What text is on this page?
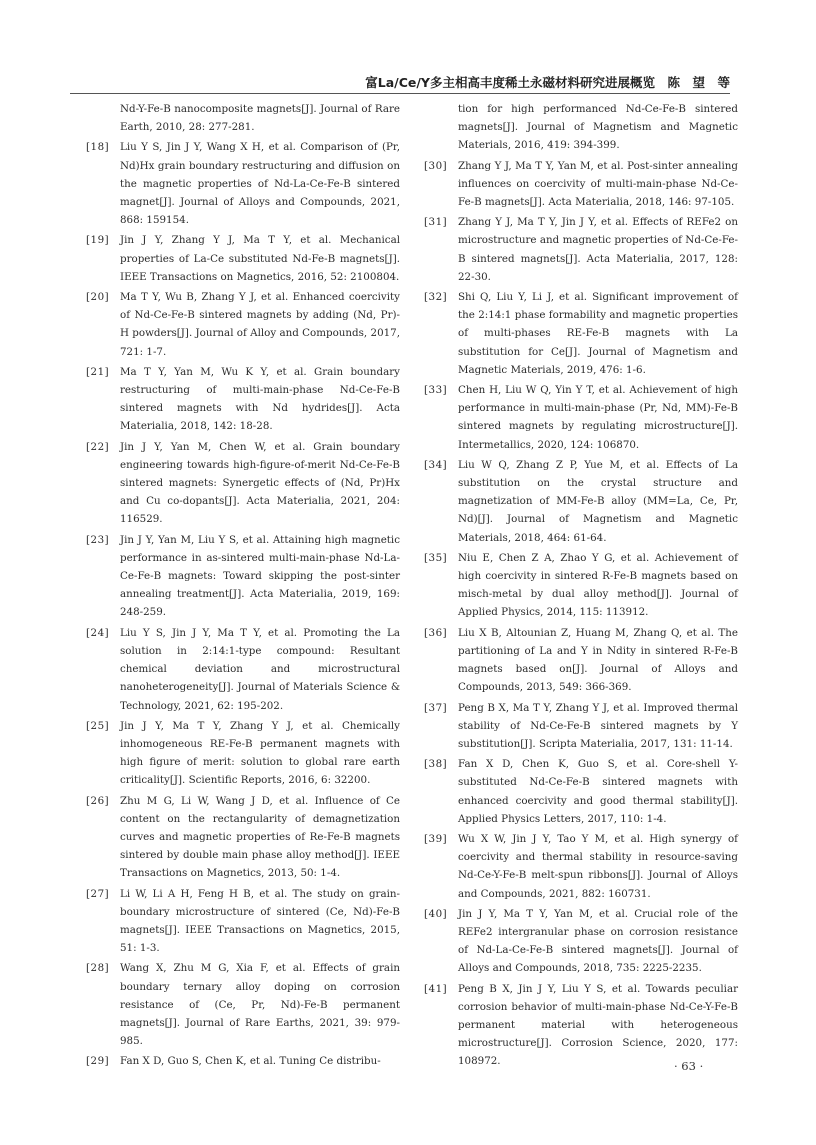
富La/Ce/Y多主相高丰度稀土永磁材料研究进展概览　陈　望　等
Nd-Y-Fe-B nanocomposite magnets[J]. Journal of Rare Earth, 2010, 28: 277-281.
[18] Liu Y S, Jin J Y, Wang X H, et al. Comparison of (Pr, Nd)Hx grain boundary restructuring and diffusion on the magnetic properties of Nd-La-Ce-Fe-B sintered magnet[J]. Journal of Alloys and Compounds, 2021, 868: 159154.
[19] Jin J Y, Zhang Y J, Ma T Y, et al. Mechanical properties of La-Ce substituted Nd-Fe-B magnets[J]. IEEE Transactions on Magnetics, 2016, 52: 2100804.
[20] Ma T Y, Wu B, Zhang Y J, et al. Enhanced coercivity of Nd-Ce-Fe-B sintered magnets by adding (Nd, Pr)-H powders[J]. Journal of Alloy and Compounds, 2017, 721: 1-7.
[21] Ma T Y, Yan M, Wu K Y, et al. Grain boundary restructuring of multi-main-phase Nd-Ce-Fe-B sintered magnets with Nd hydrides[J]. Acta Materialia, 2018, 142: 18-28.
[22] Jin J Y, Yan M, Chen W, et al. Grain boundary engineering towards high-figure-of-merit Nd-Ce-Fe-B sintered magnets: Synergetic effects of (Nd, Pr)Hx and Cu co-dopants[J]. Acta Materialia, 2021, 204: 116529.
[23] Jin J Y, Yan M, Liu Y S, et al. Attaining high magnetic performance in as-sintered multi-main-phase Nd-La-Ce-Fe-B magnets: Toward skipping the post-sinter annealing treatment[J]. Acta Materialia, 2019, 169: 248-259.
[24] Liu Y S, Jin J Y, Ma T Y, et al. Promoting the La solution in 2:14:1-type compound: Resultant chemical deviation and microstructural nanoheterogeneity[J]. Journal of Materials Science & Technology, 2021, 62: 195-202.
[25] Jin J Y, Ma T Y, Zhang Y J, et al. Chemically inhomogeneous RE-Fe-B permanent magnets with high figure of merit: solution to global rare earth criticality[J]. Scientific Reports, 2016, 6: 32200.
[26] Zhu M G, Li W, Wang J D, et al. Influence of Ce content on the rectangularity of demagnetization curves and magnetic properties of Re-Fe-B magnets sintered by double main phase alloy method[J]. IEEE Transactions on Magnetics, 2013, 50: 1-4.
[27] Li W, Li A H, Feng H B, et al. The study on grain-boundary microstructure of sintered (Ce, Nd)-Fe-B magnets[J]. IEEE Transactions on Magnetics, 2015, 51: 1-3.
[28] Wang X, Zhu M G, Xia F, et al. Effects of grain boundary ternary alloy doping on corrosion resistance of (Ce, Pr, Nd)-Fe-B permanent magnets[J]. Journal of Rare Earths, 2021, 39: 979-985.
[29] Fan X D, Guo S, Chen K, et al. Tuning Ce distribu-
tion for high performanced Nd-Ce-Fe-B sintered magnets[J]. Journal of Magnetism and Magnetic Materials, 2016, 419: 394-399.
[30] Zhang Y J, Ma T Y, Yan M, et al. Post-sinter annealing influences on coercivity of multi-main-phase Nd-Ce-Fe-B magnets[J]. Acta Materialia, 2018, 146: 97-105.
[31] Zhang Y J, Ma T Y, Jin J Y, et al. Effects of REFe2 on microstructure and magnetic properties of Nd-Ce-Fe-B sintered magnets[J]. Acta Materialia, 2017, 128: 22-30.
[32] Shi Q, Liu Y, Li J, et al. Significant improvement of the 2:14:1 phase formability and magnetic properties of multi-phases RE-Fe-B magnets with La substitution for Ce[J]. Journal of Magnetism and Magnetic Materials, 2019, 476: 1-6.
[33] Chen H, Liu W Q, Yin Y T, et al. Achievement of high performance in multi-main-phase (Pr, Nd, MM)-Fe-B sintered magnets by regulating microstructure[J]. Intermetallics, 2020, 124: 106870.
[34] Liu W Q, Zhang Z P, Yue M, et al. Effects of La substitution on the crystal structure and magnetization of MM-Fe-B alloy (MM=La, Ce, Pr, Nd)[J]. Journal of Magnetism and Magnetic Materials, 2018, 464: 61-64.
[35] Niu E, Chen Z A, Zhao Y G, et al. Achievement of high coercivity in sintered R-Fe-B magnets based on misch-metal by dual alloy method[J]. Journal of Applied Physics, 2014, 115: 113912.
[36] Liu X B, Altounian Z, Huang M, Zhang Q, et al. The partitioning of La and Y in Ndity in sintered R-Fe-B magnets based on[J]. Journal of Alloys and Compounds, 2013, 549: 366-369.
[37] Peng B X, Ma T Y, Zhang Y J, et al. Improved thermal stability of Nd-Ce-Fe-B sintered magnets by Y substitution[J]. Scripta Materialia, 2017, 131: 11-14.
[38] Fan X D, Chen K, Guo S, et al. Core-shell Y-substituted Nd-Ce-Fe-B sintered magnets with enhanced coercivity and good thermal stability[J]. Applied Physics Letters, 2017, 110: 1-4.
[39] Wu X W, Jin J Y, Tao Y M, et al. High synergy of coercivity and thermal stability in resource-saving Nd-Ce-Y-Fe-B melt-spun ribbons[J]. Journal of Alloys and Compounds, 2021, 882: 160731.
[40] Jin J Y, Ma T Y, Yan M, et al. Crucial role of the REFe2 intergranular phase on corrosion resistance of Nd-La-Ce-Fe-B sintered magnets[J]. Journal of Alloys and Compounds, 2018, 735: 2225-2235.
[41] Peng B X, Jin J Y, Liu Y S, et al. Towards peculiar corrosion behavior of multi-main-phase Nd-Ce-Y-Fe-B permanent material with heterogeneous microstructure[J]. Corrosion Science, 2020, 177: 108972.	· 63 ·
